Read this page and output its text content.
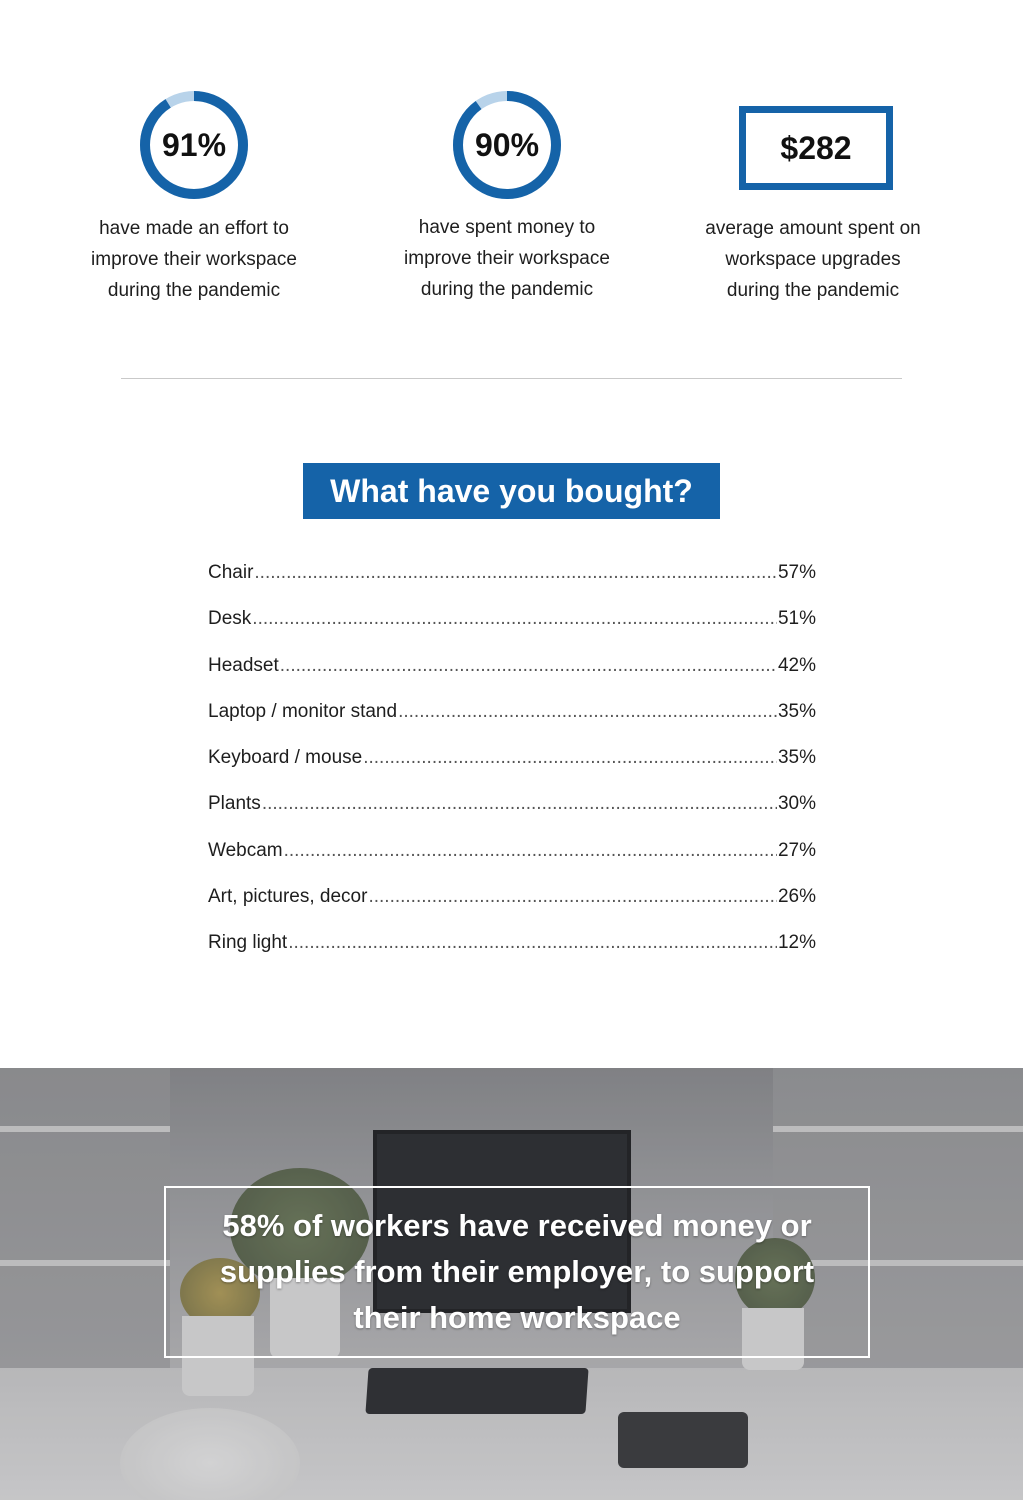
91%
have made an effort to
improve their workspace
during the pandemic
90%
have spent money to
improve their workspace
during the pandemic
$282
average amount spent on
workspace upgrades
during the pandemic
What have you bought?
Chair .....	57%
Desk .....	51%
Headset .....	42%
Laptop / monitor stand .....	35%
Keyboard / mouse .....	35%
Plants .....	30%
Webcam .....	27%
Art, pictures, decor .....	26%
Ring light .....	12%
58% of workers have received money or
supplies from their employer, to support
their home workspace
